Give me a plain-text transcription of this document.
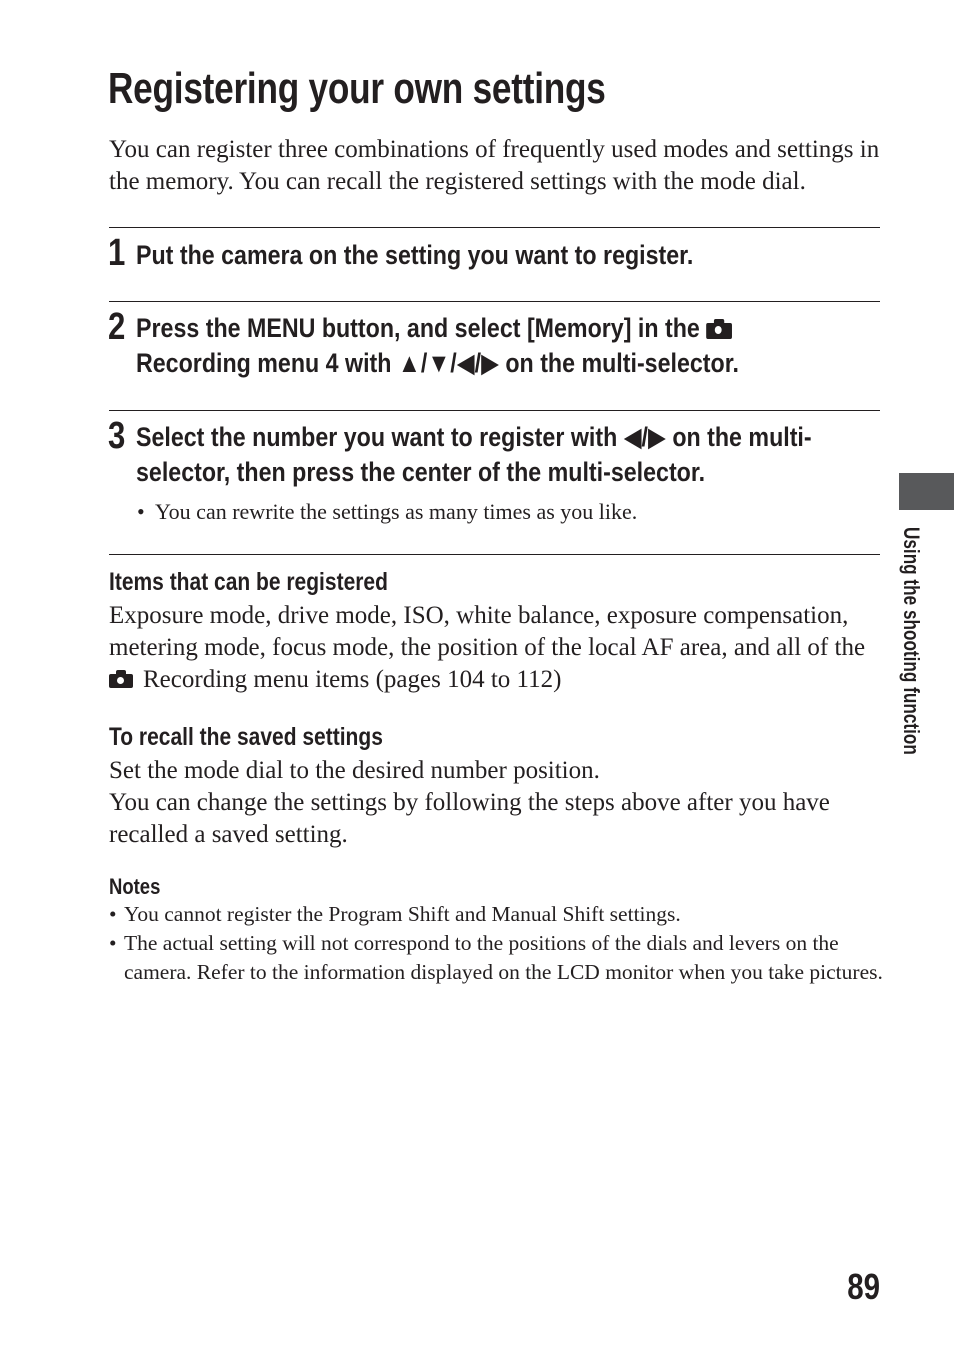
Registering your own settings
You can register three combinations of frequently used modes and settings in the memory. You can recall the registered settings with the mode dial.
1 Put the camera on the setting you want to register.
2 Press the MENU button, and select [Memory] in the
Recording menu 4 with ▲/▼/◀/▶ on the multi-selector.
3 Select the number you want to register with ◀/▶ on the multi-
selector, then press the center of the multi-selector.
• You can rewrite the settings as many times as you like.
Items that can be registered
Exposure mode, drive mode, ISO, white balance, exposure compensation,
metering mode, focus mode, the position of the local AF area, and all of the
Recording menu items (pages 104 to 112)
To recall the saved settings
Set the mode dial to the desired number position.
You can change the settings by following the steps above after you have
recalled a saved setting.
Notes
• You cannot register the Program Shift and Manual Shift settings.
• The actual setting will not correspond to the positions of the dials and levers on the camera. Refer to the information displayed on the LCD monitor when you take pictures.
Using the shooting function
89
